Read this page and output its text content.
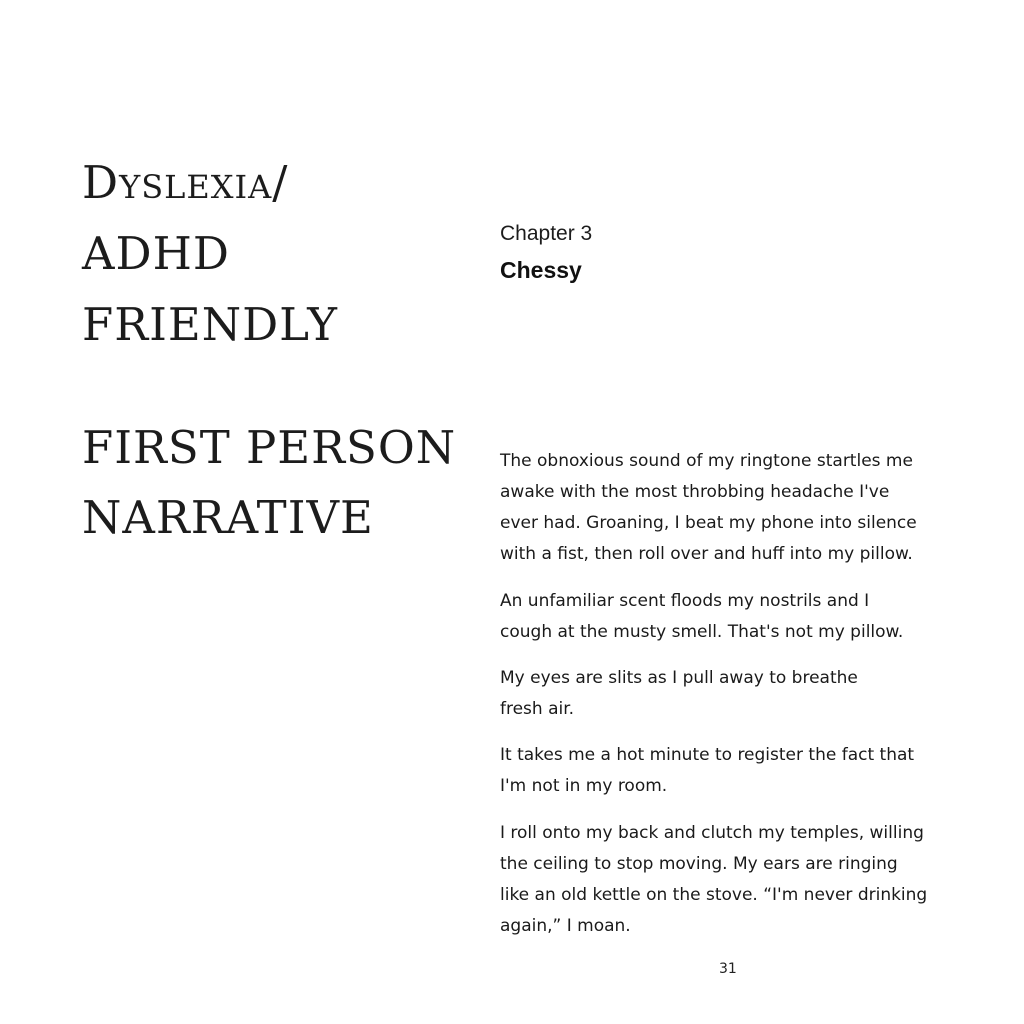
Dyslexia/
ADHD
FRIENDLY
FIRST PERSON
NARRATIVE
Chapter 3
Chessy
The obnoxious sound of my ringtone startles me
awake with the most throbbing headache I've
ever had. Groaning, I beat my phone into silence
with a fist, then roll over and huff into my pillow.
An unfamiliar scent floods my nostrils and I
cough at the musty smell. That's not my pillow.
My eyes are slits as I pull away to breathe
fresh air.
It takes me a hot minute to register the fact that
I'm not in my room.
I roll onto my back and clutch my temples, willing
the ceiling to stop moving. My ears are ringing
like an old kettle on the stove. “I'm never drinking
again,” I moan.
31
